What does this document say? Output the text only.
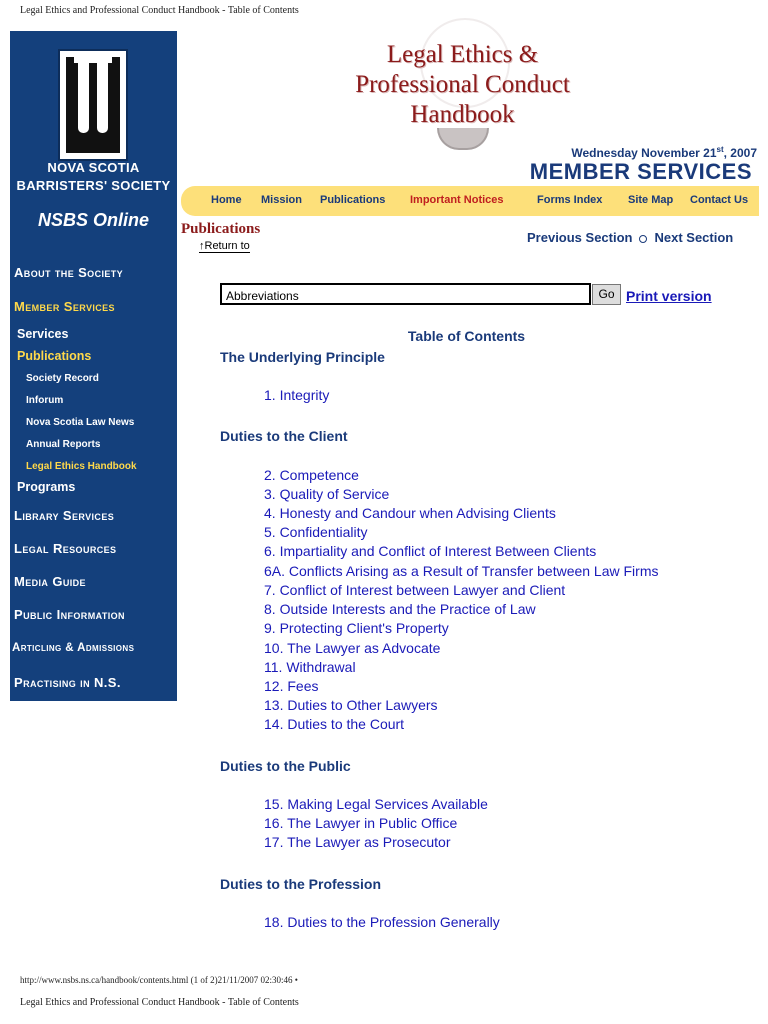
Legal Ethics and Professional Conduct Handbook - Table of Contents
NOVA SCOTIA
BARRISTERS' SOCIETY
NSBS Online
About the Society
Member Services
Services
Publications
Society Record
Inforum
Nova Scotia Law News
Annual Reports
Legal Ethics Handbook
Programs
Library Services
Legal Resources
Media Guide
Public Information
Articling & Admissions
Practising in N.S.
Legal Ethics &
Professional Conduct
Handbook
Wednesday November 21st, 2007
MEMBER SERVICES
Home Mission Publications Important Notices	Forms Index Site Map Contact Us
Publications
↑Return to
Previous Section Next Section
Abbreviations	Go Print version
Table of Contents
The Underlying Principle
1. Integrity
Duties to the Client
2. Competence
3. Quality of Service
4. Honesty and Candour when Advising Clients
5. Confidentiality
6. Impartiality and Conflict of Interest Between Clients
6A. Conflicts Arising as a Result of Transfer between Law Firms
7. Conflict of Interest between Lawyer and Client
8. Outside Interests and the Practice of Law
9. Protecting Client's Property
10. The Lawyer as Advocate
11. Withdrawal
12. Fees
13. Duties to Other Lawyers
14. Duties to the Court
Duties to the Public
15. Making Legal Services Available
16. The Lawyer in Public Office
17. The Lawyer as Prosecutor
Duties to the Profession
18. Duties to the Profession Generally
http://www.nsbs.ns.ca/handbook/contents.html (1 of 2)21/11/2007 02:30:46 •
Legal Ethics and Professional Conduct Handbook - Table of Contents
